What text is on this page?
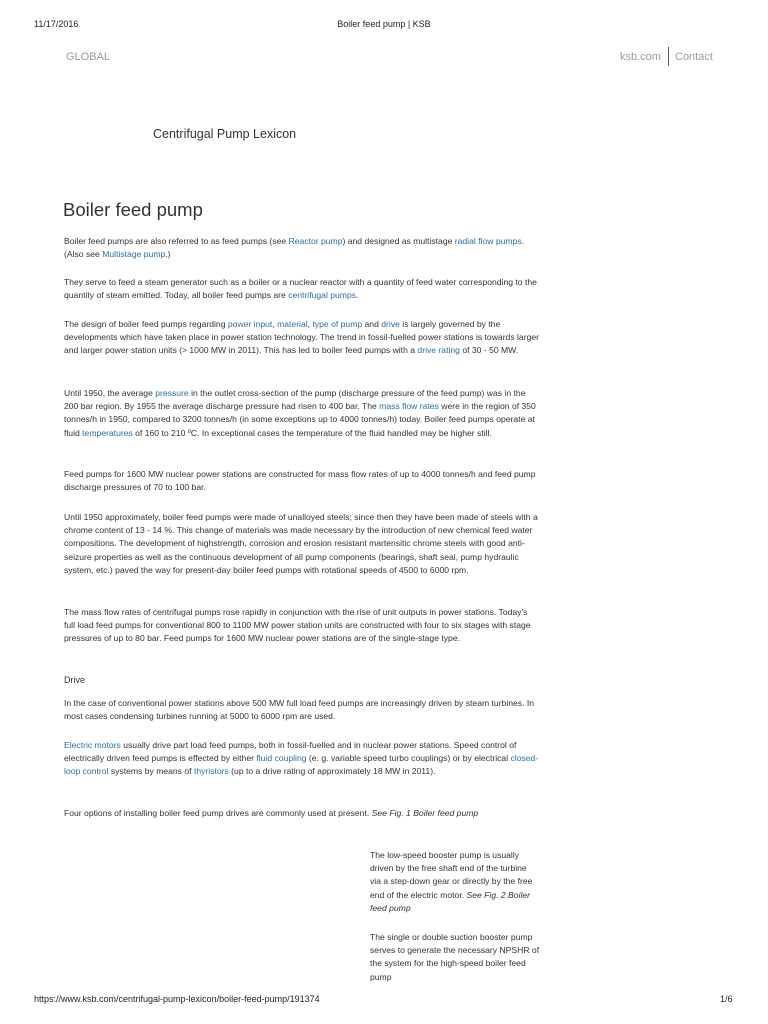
11/17/2016	Boiler feed pump | KSB
GLOBAL	ksb.com Contact
Centrifugal Pump Lexicon
Boiler feed pump

Boiler feed pumps are also referred to as feed pumps (see Reactor pump) and designed as multistage radial flow pumps. (Also see Multistage pump.)

They serve to feed a steam generator such as a boiler or a nuclear reactor with a quantity of feed water corresponding to the quantity of steam emitted. Today, all boiler feed pumps are centrifugal pumps.

The design of boiler feed pumps regarding power input, material, type of pump and drive is largely governed by the developments which have taken place in power station technology. The trend in fossil-fuelled power stations is towards larger and larger power station units (> 1000 MW in 2011). This has led to boiler feed pumps with a drive rating of 30 - 50 MW.

Until 1950, the average pressure in the outlet cross-section of the pump (discharge pressure of the feed pump) was in the 200 bar region. By 1955 the average discharge pressure had risen to 400 bar. The mass flow rates were in the region of 350 tonnes/h in 1950, compared to 3200 tonnes/h (in some exceptions up to 4000 tonnes/h) today. Boiler feed pumps operate at fluid temperatures of 160 to 210 ºC. In exceptional cases the temperature of the fluid handled may be higher still.

Feed pumps for 1600 MW nuclear power stations are constructed for mass flow rates of up to 4000 tonnes/h and feed pump discharge pressures of 70 to 100 bar.

Until 1950 approximately, boiler feed pumps were made of unalloyed steels; since then they have been made of steels with a chrome content of 13 - 14 %. This change of materials was made necessary by the introduction of new chemical feed water compositions. The development of highstrength, corrosion and erosion resistant martensitic chrome steels with good anti-seizure properties as well as the continuous development of all pump components (bearings, shaft seal, pump hydraulic system, etc.) paved the way for present-day boiler feed pumps with rotational speeds of 4500 to 6000 rpm.

The mass flow rates of centrifugal pumps rose rapidly in conjunction with the rise of unit outputs in power stations. Today's full load feed pumps for conventional 800 to 1100 MW power station units are constructed with four to six stages with stage pressures of up to 80 bar. Feed pumps for 1600 MW nuclear power stations are of the single-stage type.

Drive

In the case of conventional power stations above 500 MW full load feed pumps are increasingly driven by steam turbines. In most cases condensing turbines running at 5000 to 6000 rpm are used.

Electric motors usually drive part load feed pumps, both in fossil-fuelled and in nuclear power stations. Speed control of electrically driven feed pumps is effected by either fluid coupling (e. g. variable speed turbo couplings) or by electrical closed-loop control systems by means of thyristors (up to a drive rating of approximately 18 MW in 2011).

Four options of installing boiler feed pump drives are commonly used at present. See Fig. 1 Boiler feed pump

The low-speed booster pump is usually driven by the free shaft end of the turbine via a step-down gear or directly by the free end of the electric motor. See Fig. 2 Boiler feed pump

The single or double suction booster pump serves to generate the necessary NPSHR of the system for the high-speed boiler feed pump

https://www.ksb.com/centrifugal-pump-lexicon/boiler-feed-pump/191374	1/6
